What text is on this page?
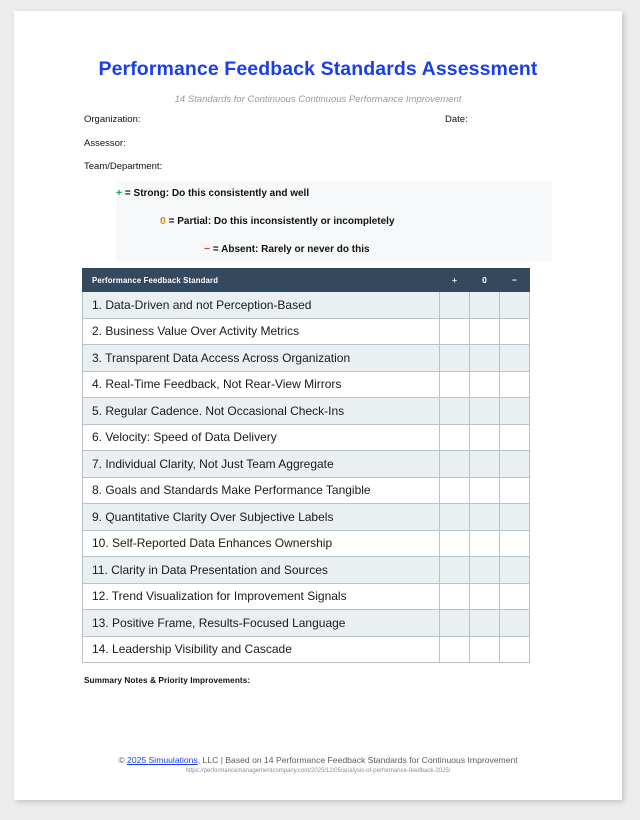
Performance Feedback Standards Assessment
14 Standards for Continuous Continuous Performance Improvement
Organization:	Date:
Assessor:
Team/Department:
+ = Strong: Do this consistently and well
0 = Partial: Do this inconsistently or incompletely
− = Absent: Rarely or never do this
Performance Feedback Standard	+	0	−
1. Data-Driven and not Perception-Based			
2. Business Value Over Activity Metrics			
3. Transparent Data Access Across Organization			
4. Real-Time Feedback, Not Rear-View Mirrors			
5. Regular Cadence. Not Occasional Check-Ins			
6. Velocity: Speed of Data Delivery			
7. Individual Clarity, Not Just Team Aggregate			
8. Goals and Standards Make Performance Tangible			
9. Quantitative Clarity Over Subjective Labels			
10. Self-Reported Data Enhances Ownership			
11. Clarity in Data Presentation and Sources			
12. Trend Visualization for Improvement Signals			
13. Positive Frame, Results-Focused Language			
14. Leadership Visibility and Cascade			
Summary Notes & Priority Improvements:
© 2025 Simuulations, LLC | Based on 14 Performance Feedback Standards for Continuous Improvement
https://performancemanagementcompany.com/2025/12/05/analysis-of-performance-feedback-2025/
